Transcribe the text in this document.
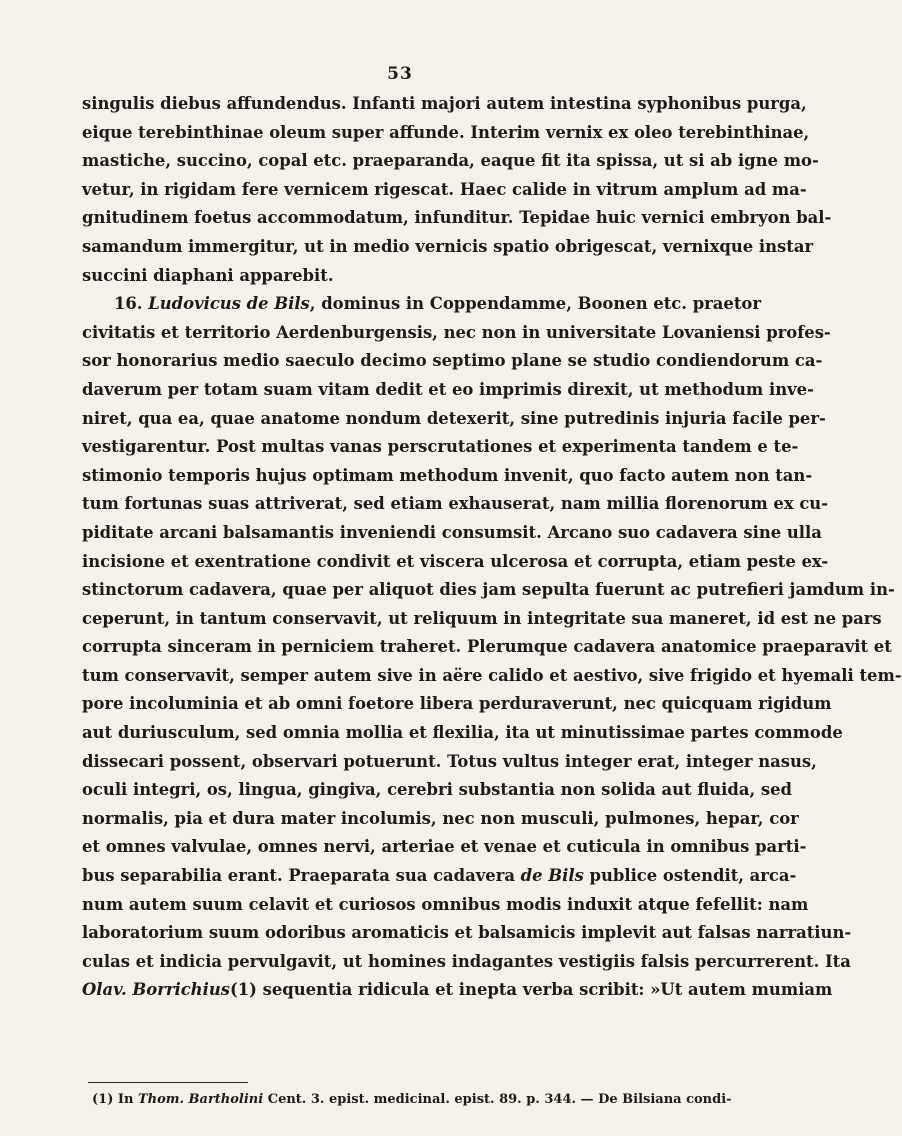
53
singulis diebus affundendus. Infanti majori autem intestina syphonibus purga,
eique terebinthinae oleum super affunde. Interim vernix ex oleo terebinthinae,
mastiche, succino, copal etc. praeparanda, eaque fit ita spissa, ut si ab igne mo-
vetur, in rigidam fere vernicem rigescat. Haec calide in vitrum amplum ad ma-
gnitudinem foetus accommodatum, infunditur. Tepidae huic vernici embryon bal-
samandum immergitur, ut in medio vernicis spatio obrigescat, vernixque instar
succini diaphani apparebit.
16. Ludovicus de Bils, dominus in Coppendamme, Boonen etc. praetor
civitatis et territorio Aerdenburgensis, nec non in universitate Lovaniensi profes-
sor honorarius medio saeculo decimo septimo plane se studio condiendorum ca-
daverum per totam suam vitam dedit et eo imprimis direxit, ut methodum inve-
niret, qua ea, quae anatome nondum detexerit, sine putredinis injuria facile per-
vestigarentur. Post multas vanas perscrutationes et experimenta tandem e te-
stimonio temporis hujus optimam methodum invenit, quo facto autem non tan-
tum fortunas suas attriverat, sed etiam exhauserat, nam millia florenorum ex cu-
piditate arcani balsamantis inveniendi consumsit. Arcano suo cadavera sine ulla
incisione et exentratione condivit et viscera ulcerosa et corrupta, etiam peste ex-
stinctorum cadavera, quae per aliquot dies jam sepulta fuerunt ac putrefieri jamdum in-
ceperunt, in tantum conservavit, ut reliquum in integritate sua maneret, id est ne pars
corrupta sinceram in perniciem traheret. Plerumque cadavera anatomice praeparavit et
tum conservavit, semper autem sive in aëre calido et aestivo, sive frigido et hyemali tem-
pore incoluminia et ab omni foetore libera perduraverunt, nec quicquam rigidum
aut duriusculum, sed omnia mollia et flexilia, ita ut minutissimae partes commode
dissecari possent, observari potuerunt. Totus vultus integer erat, integer nasus,
oculi integri, os, lingua, gingiva, cerebri substantia non solida aut fluida, sed
normalis, pia et dura mater incolumis, nec non musculi, pulmones, hepar, cor
et omnes valvulae, omnes nervi, arteriae et venae et cuticula in omnibus parti-
bus separabilia erant. Praeparata sua cadavera de Bils publice ostendit, arca-
num autem suum celavit et curiosos omnibus modis induxit atque fefellit: nam
laboratorium suum odoribus aromaticis et balsamicis implevit aut falsas narratiun-
culas et indicia pervulgavit, ut homines indagantes vestigiis falsis percurrerent. Ita
Olav. Borrichius(1) sequentia ridicula et inepta verba scribit: »Ut autem mumiam
(1) In Thom. Bartholini Cent. 3. epist. medicinal. epist. 89. p. 344. — De Bilsiana condi-
